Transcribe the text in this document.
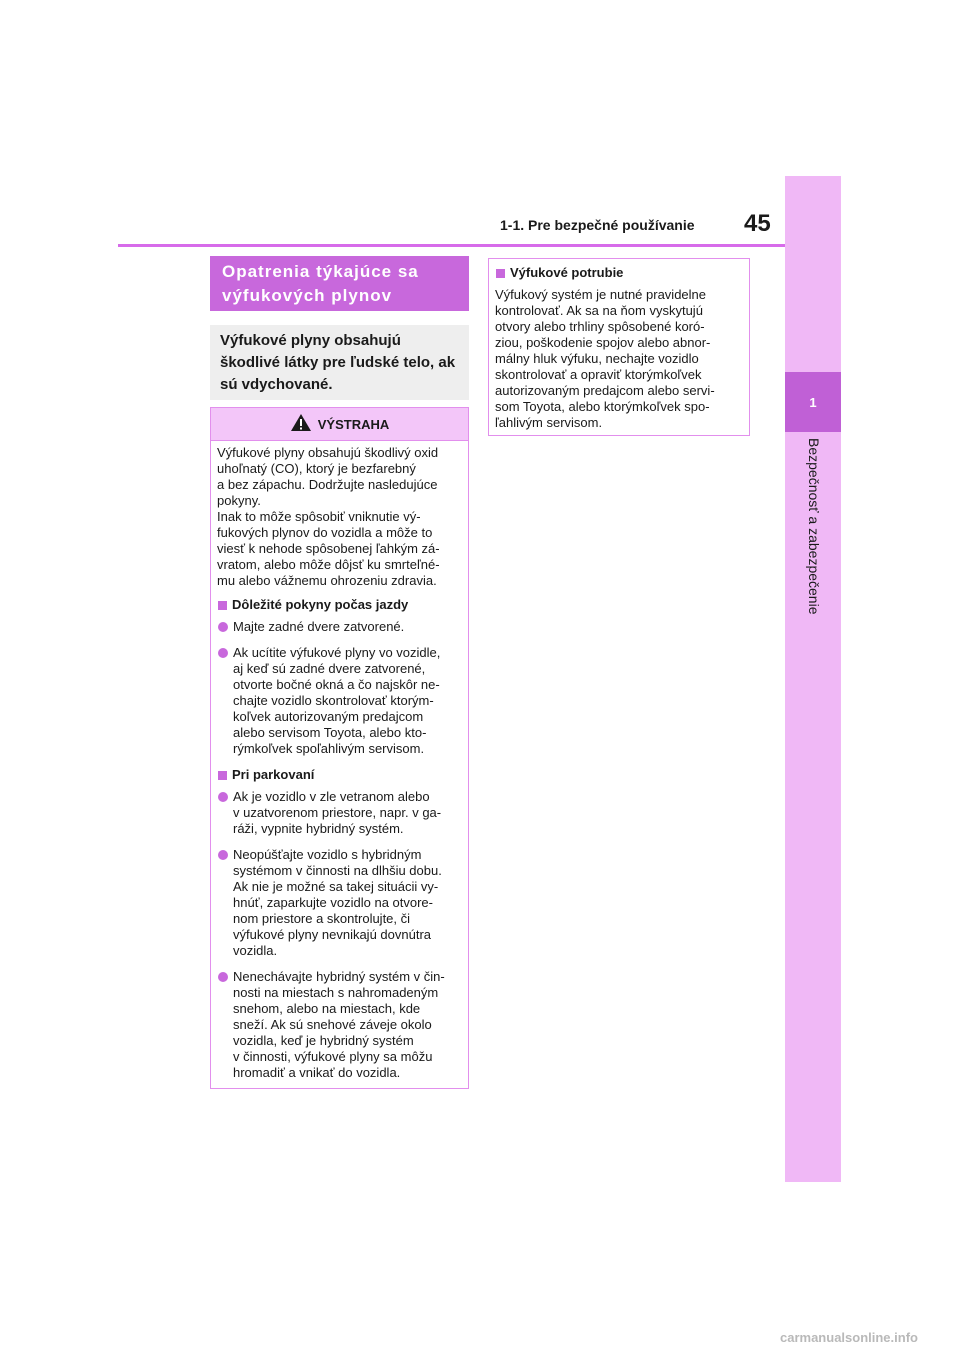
1
Bezpečnosť a zabezpečenie
1-1. Pre bezpečné používanie 45
Opatrenia týkajúce sa výfukových plynov
Výfukové plyny obsahujú škodlivé látky pre ľudské telo, ak sú vdychované.
VÝSTRAHA

Výfukové plyny obsahujú škodlivý oxid
uhoľnatý (CO), ktorý je bezfarebný
a bez zápachu. Dodržujte nasledujúce
pokyny.
Inak to môže spôsobiť vniknutie vý-
fukových plynov do vozidla a môže to
viesť k nehode spôsobenej ľahkým zá-
vratom, alebo môže dôjsť ku smrteľné-
mu alebo vážnemu ohrozeniu zdravia.

Dôležité pokyny počas jazdy
Majte zadné dvere zatvorené.
Ak ucítite výfukové plyny vo vozidle,
aj keď sú zadné dvere zatvorené,
otvorte bočné okná a čo najskôr ne-
chajte vozidlo skontrolovať ktorým-
koľvek autorizovaným predajcom
alebo servisom Toyota, alebo kto-
rýmkoľvek spoľahlivým servisom.
Pri parkovaní
Ak je vozidlo v zle vetranom alebo
v uzatvorenom priestore, napr. v ga-
ráži, vypnite hybridný systém.
Neopúšťajte vozidlo s hybridným
systémom v činnosti na dlhšiu dobu.
Ak nie je možné sa takej situácii vy-
hnúť, zaparkujte vozidlo na otvore-
nom priestore a skontrolujte, či
výfukové plyny nevnikajú dovnútra
vozidla.
Nenechávajte hybridný systém v čin-
nosti na miestach s nahromadeným
snehom, alebo na miestach, kde
sneží. Ak sú snehové záveje okolo
vozidla, keď je hybridný systém
v činnosti, výfukové plyny sa môžu
hromadiť a vnikať do vozidla.
Výfukové potrubie
Výfukový systém je nutné pravidelne
kontrolovať. Ak sa na ňom vyskytujú
otvory alebo trhliny spôsobené koró-
ziou, poškodenie spojov alebo abnor-
málny hluk výfuku, nechajte vozidlo
skontrolovať a opraviť ktorýmkoľvek
autorizovaným predajcom alebo servi-
som Toyota, alebo ktorýmkoľvek spo-
ľahlivým servisom.
carmanualsonline.info
